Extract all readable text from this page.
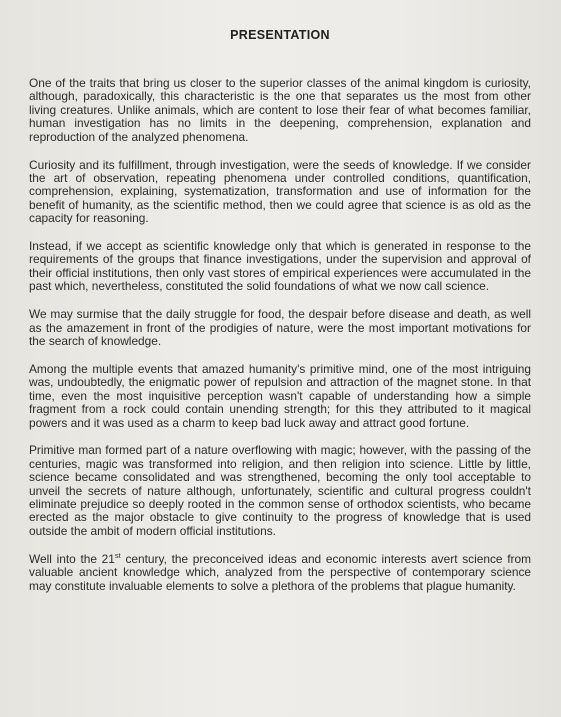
PRESENTATION

One of the traits that bring us closer to the superior classes of the animal kingdom is curiosity, although, paradoxically, this characteristic is the one that separates us the most from other living creatures. Unlike animals, which are content to lose their fear of what becomes familiar, human investigation has no limits in the deepening, comprehension, explanation and reproduction of the analyzed phenomena.

Curiosity and its fulfillment, through investigation, were the seeds of knowledge. If we consider the art of observation, repeating phenomena under controlled conditions, quantification, comprehension, explaining, systematization, transformation and use of information for the benefit of humanity, as the scientific method, then we could agree that science is as old as the capacity for reasoning.

Instead, if we accept as scientific knowledge only that which is generated in response to the requirements of the groups that finance investigations, under the supervision and approval of their official institutions, then only vast stores of empirical experiences were accumulated in the past which, nevertheless, constituted the solid foundations of what we now call science.

We may surmise that the daily struggle for food, the despair before disease and death, as well as the amazement in front of the prodigies of nature, were the most important motivations for the search of knowledge.

Among the multiple events that amazed humanity's primitive mind, one of the most intriguing was, undoubtedly, the enigmatic power of repulsion and attraction of the magnet stone. In that time, even the most inquisitive perception wasn't capable of understanding how a simple fragment from a rock could contain unending strength; for this they attributed to it magical powers and it was used as a charm to keep bad luck away and attract good fortune.

Primitive man formed part of a nature overflowing with magic; however, with the passing of the centuries, magic was transformed into religion, and then religion into science. Little by little, science became consolidated and was strengthened, becoming the only tool acceptable to unveil the secrets of nature although, unfortunately, scientific and cultural progress couldn't eliminate prejudice so deeply rooted in the common sense of orthodox scientists, who became erected as the major obstacle to give continuity to the progress of knowledge that is used outside the ambit of modern official institutions.

Well into the 21st century, the preconceived ideas and economic interests avert science from valuable ancient knowledge which, analyzed from the perspective of contemporary science may constitute invaluable elements to solve a plethora of the problems that plague humanity.
